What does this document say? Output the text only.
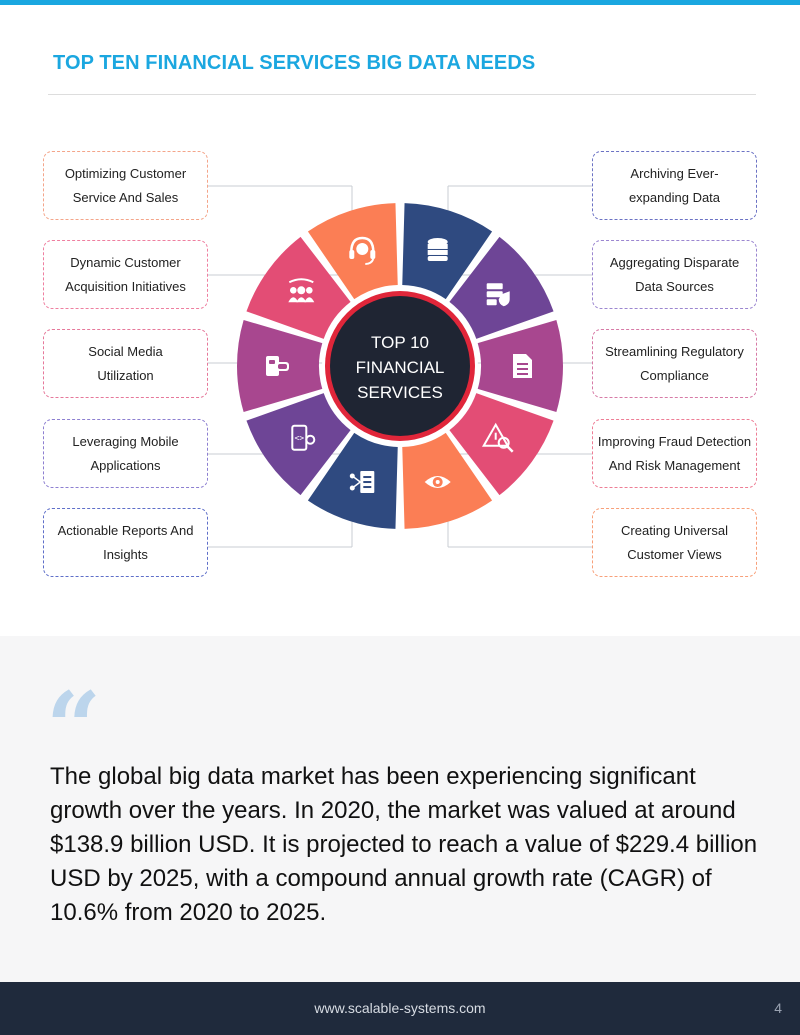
TOP TEN FINANCIAL SERVICES BIG DATA NEEDS
<>
TOP 10
FINANCIAL
SERVICES
Optimizing Customer
Service And Sales
Dynamic Customer
Acquisition Initiatives
Social Media
Utilization
Leveraging Mobile
Applications
Actionable Reports And
Insights
Archiving Ever-
expanding Data
Aggregating Disparate
Data Sources
Streamlining Regulatory
Compliance
Improving Fraud Detection
And Risk Management
Creating Universal
Customer Views
“
The global big data market has been experiencing significant growth over the years. In 2020, the market was valued at around $138.9 billion USD. It is projected to reach a value of $229.4 billion USD by 2025, with a compound annual growth rate (CAGR) of 10.6% from 2020 to 2025.
www.scalable-systems.com	4
